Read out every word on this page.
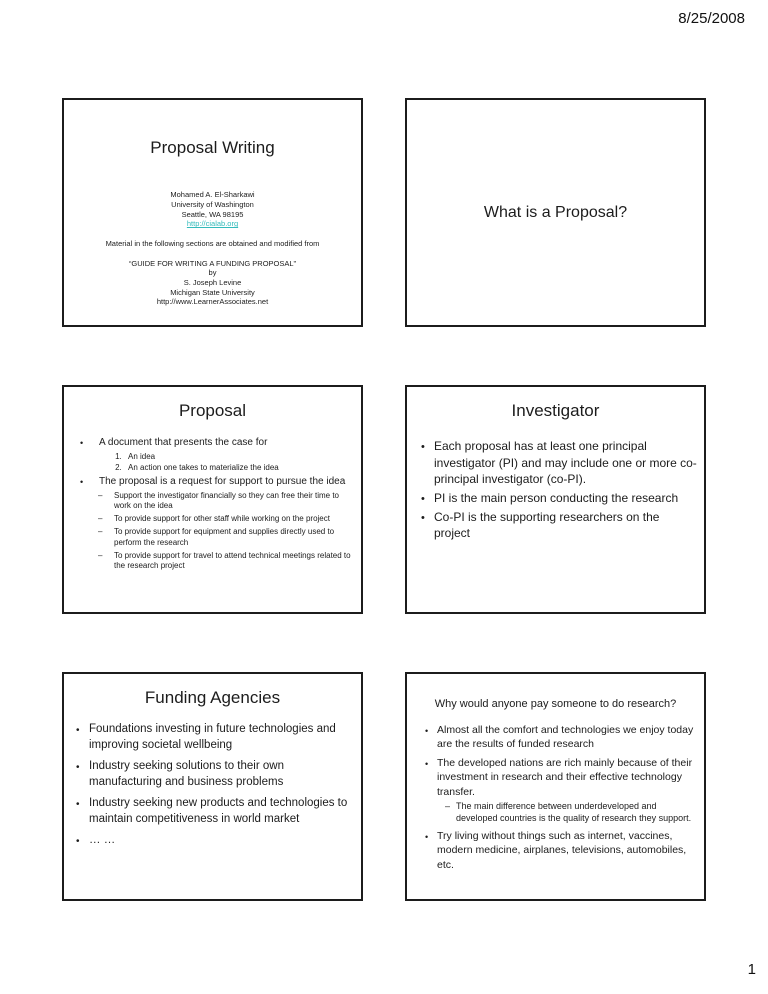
8/25/2008
Proposal Writing
Mohamed A. El-Sharkawi
University of Washington
Seattle, WA 98195
http://cialab.org
Material in the following sections are obtained and modified from
“GUIDE FOR WRITING A FUNDING PROPOSAL”
by
S. Joseph Levine
Michigan State University
http://www.LearnerAssociates.net
What is a Proposal?
Proposal
• A document that presents the case for
1. An idea
2. An action one takes to materialize the idea
• The proposal is a request for support to pursue the idea
– Support the investigator financially so they can free their time to work on the idea
– To provide support for other staff while working on the project
– To provide support for equipment and supplies directly used to perform the research
– To provide support for travel to attend technical meetings related to the research project
Investigator
• Each proposal has at least one principal investigator (PI) and may include one or more co-principal investigator (co-PI).
• PI is the main person conducting the research
• Co-PI is the supporting researchers on the project
Funding Agencies
• Foundations investing in future technologies and improving societal wellbeing
• Industry seeking solutions to their own manufacturing and business problems
• Industry seeking new products and technologies to maintain competitiveness in world market
• … …
Why would anyone pay someone to do research?
• Almost all the comfort and technologies we enjoy today are the results of funded research
• The developed nations are rich mainly because of their investment in research and their effective technology transfer.
– The main difference between underdeveloped and developed countries is the quality of research they support.
• Try living without things such as internet, vaccines, modern medicine, airplanes, televisions, automobiles, etc.
1
